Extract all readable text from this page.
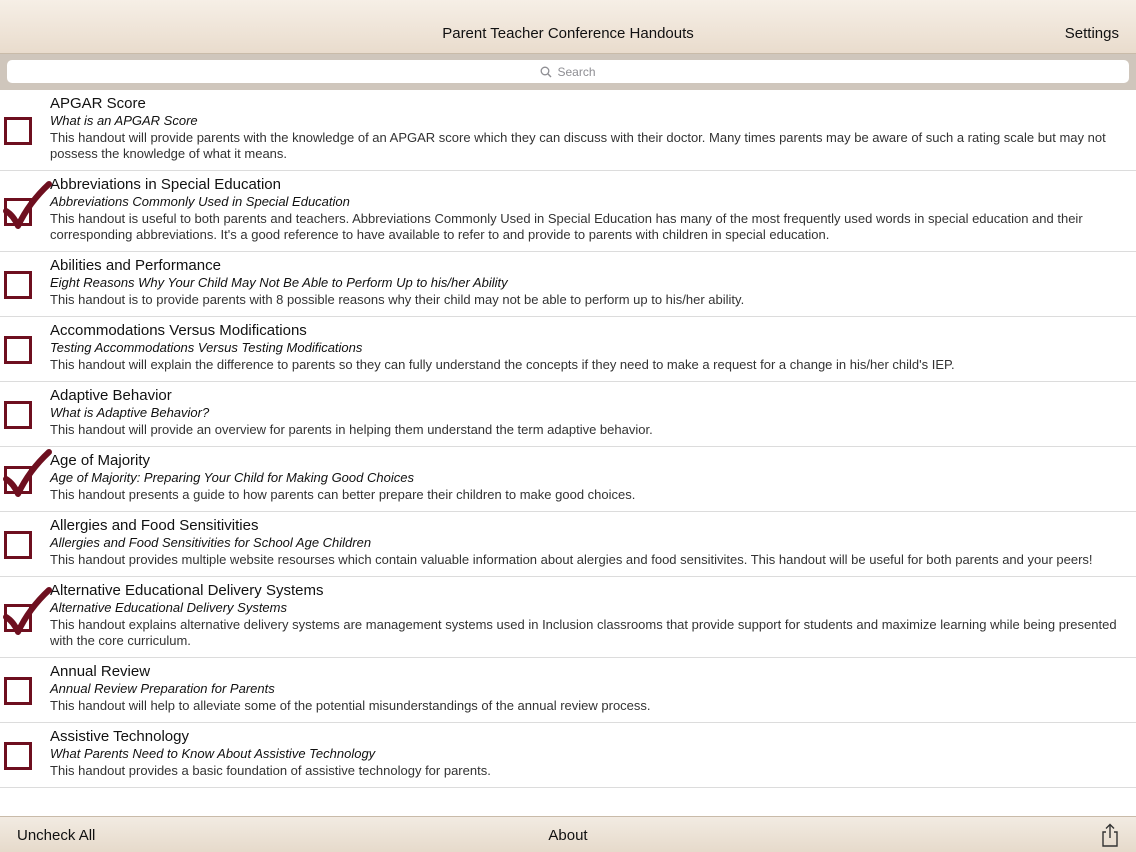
Parent Teacher Conference Handouts	Settings
Search
APGAR Score
What is an APGAR Score
This handout will provide parents with the knowledge of an APGAR score which they can discuss with their doctor. Many times parents may be aware of such a rating scale but may not possess the knowledge of what it means.
Abbreviations in Special Education
Abbreviations Commonly Used in Special Education
This handout is useful to both parents and teachers. Abbreviations Commonly Used in Special Education has many of the most frequently used words in special education and their corresponding abbreviations. It's a good reference to have available to refer to and provide to parents with children in special education.
Abilities and Performance
Eight Reasons Why Your Child May Not Be Able to Perform Up to his/her Ability
This handout is to provide parents with 8 possible reasons why their child may not be able to perform up to his/her ability.
Accommodations Versus Modifications
Testing Accommodations Versus Testing Modifications
This handout will explain the difference to parents so they can fully understand the concepts if they need to make a request for a change in his/her child's IEP.
Adaptive Behavior
What is Adaptive Behavior?
This handout will provide an overview for parents in helping them understand the term adaptive behavior.
Age of Majority
Age of Majority: Preparing Your Child for Making Good Choices
This handout presents a guide to how parents can better prepare their children to make good choices.
Allergies and Food Sensitivities
Allergies and Food Sensitivities for School Age Children
This handout provides multiple website resourses which contain valuable information about alergies and food sensitivites. This handout will be useful for both parents and your peers!
Alternative Educational Delivery Systems
Alternative Educational Delivery Systems
This handout explains alternative delivery systems are management systems used in Inclusion classrooms that provide support for students and maximize learning while being presented with the core curriculum.
Annual Review
Annual Review Preparation for Parents
This handout will help to alleviate some of the potential misunderstandings of the annual review process.
Assistive Technology
What Parents Need to Know About Assistive Technology
This handout provides a basic foundation of assistive technology for parents.
Uncheck All	About
